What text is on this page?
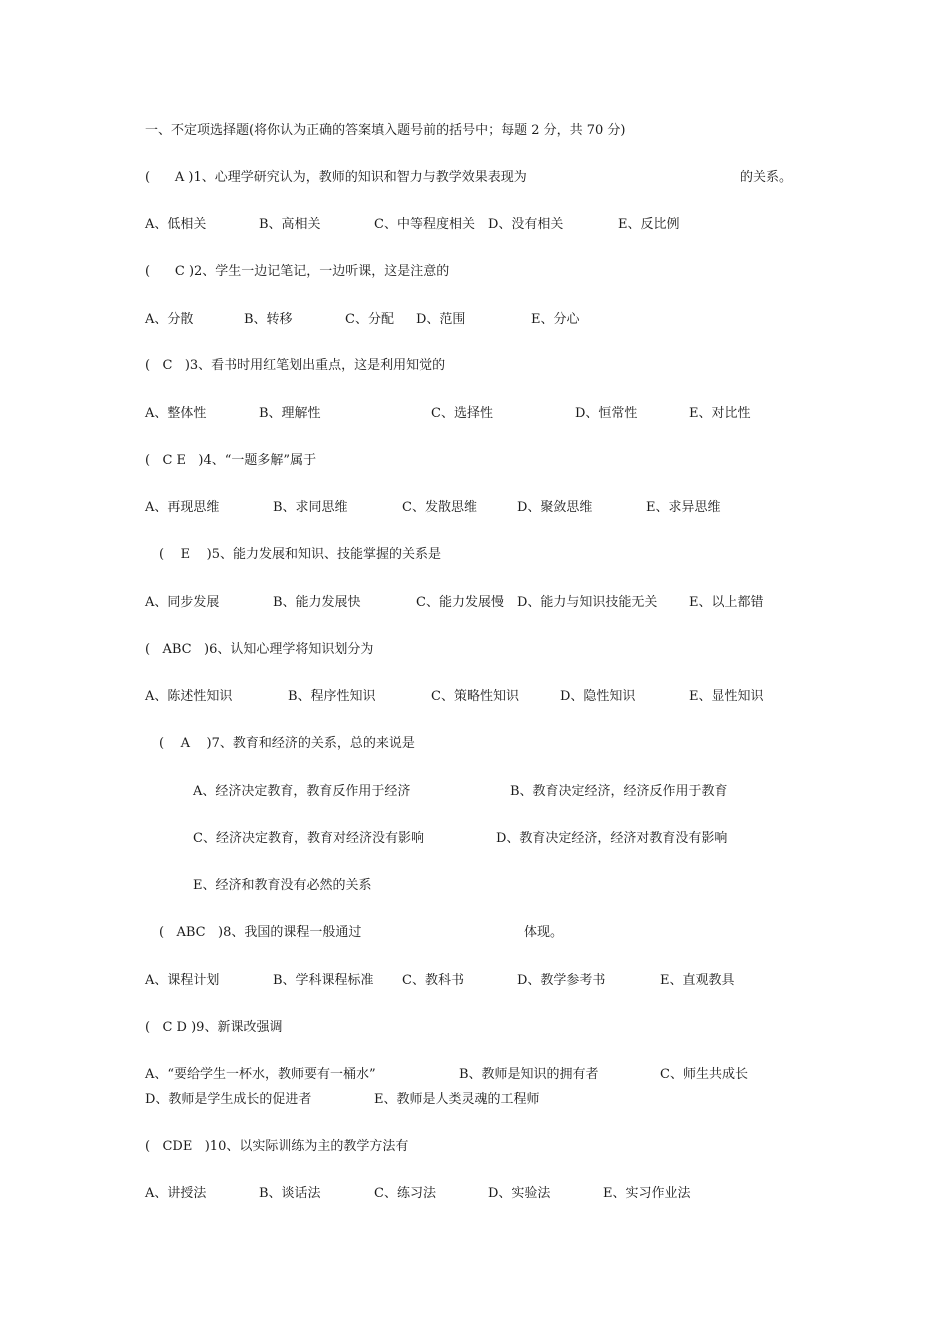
一、不定项选择题(将你认为正确的答案填入题号前的括号中；每题 2 分，共 70 分)

(      A )1、心理学研究认为，教师的知识和智力与教学效果表现为

	的关系。

A、低相关

	B、高相关

	C、中等程度相关

D、没有相关

	E、反比例

(      C )2、学生一边记笔记，一边听课，这是注意的

A、分散

	B、转移

	C、分配

D、范围

	E、分心

(   C   )3、看书时用红笔划出重点，这是利用知觉的

A、整体性

	B、理解性

	C、选择性

	D、恒常性

	E、对比性

(   C E   )4、“一题多解”属于

A、再现思维

	B、求同思维

	C、发散思维

	D、聚敛思维

	E、求异思维

(    E    )5、能力发展和知识、技能掌握的关系是

A、同步发展

	B、能力发展快

	C、能力发展慢

D、能力与知识技能无关

E、以上都错

(   ABC   )6、认知心理学将知识划分为

A、陈述性知识

	B、程序性知识

	C、策略性知识

	D、隐性知识

	E、显性知识

(    A    )7、教育和经济的关系，总的来说是

A、经济决定教育，教育反作用于经济

	B、教育决定经济，经济反作用于教育

C、经济决定教育，教育对经济没有影响

	D、教育决定经济，经济对教育没有影响

E、经济和教育没有必然的关系

(   ABC   )8、我国的课程一般通过

	体现。

A、课程计划

	B、学科课程标准

C、教科书

	D、教学参考书

	E、直观教具

(   C D )9、新课改强调

A、“要给学生一杯水，教师要有一桶水”

	B、教师是知识的拥有者

	C、师生共成长

D、教师是学生成长的促进者

	E、教师是人类灵魂的工程师

(   CDE   )10、以实际训练为主的教学方法有

A、讲授法

	B、谈话法

	C、练习法

	D、实验法

	E、实习作业法
